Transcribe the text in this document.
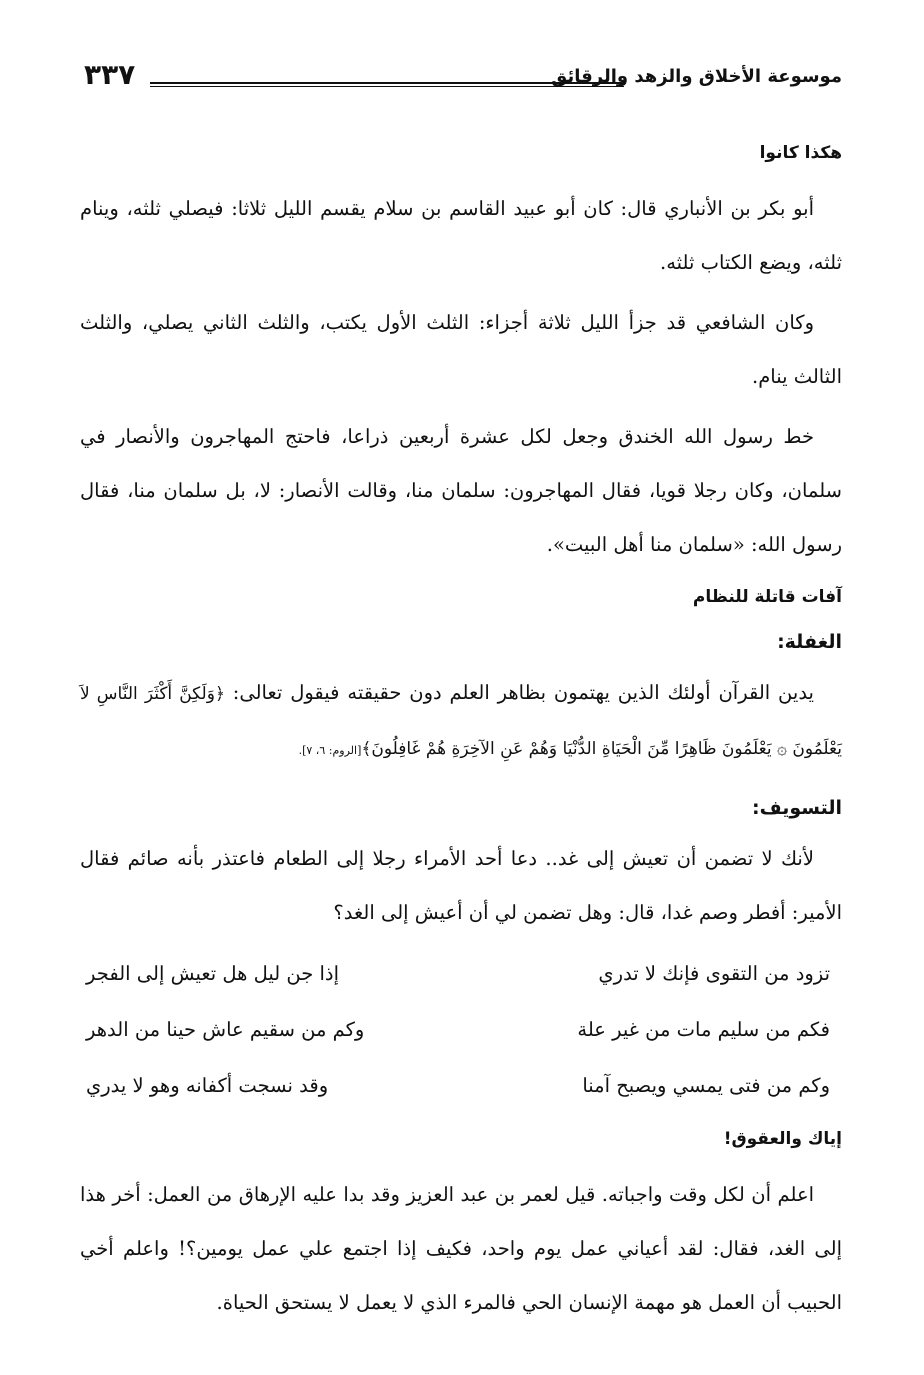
موسوعة الأخلاق والزهد والرقائق
٣٣٧
هكذا كانوا

أبو بكر بن الأنباري قال: كان أبو عبيد القاسم بن سلام يقسم الليل ثلاثا: فيصلي ثلثه، وينام ثلثه، ويضع الكتاب ثلثه.

وكان الشافعي قد جزأ الليل ثلاثة أجزاء: الثلث الأول يكتب، والثلث الثاني يصلي، والثلث الثالث ينام.

خط رسول الله الخندق وجعل لكل عشرة أربعين ذراعا، فاحتج المهاجرون والأنصار في سلمان، وكان رجلا قويا، فقال المهاجرون: سلمان منا، وقالت الأنصار: لا، بل سلمان منا، فقال رسول الله: «سلمان منا أهل البيت».

آفات قاتلة للنظام
الغفلة:

يدين القرآن أولئك الذين يهتمون بظاهر العلم دون حقيقته فيقول تعالى: ﴿وَلَكِنَّ أَكْثَرَ النَّاسِ لاَ يَعْلَمُونَ ۞ يَعْلَمُونَ ظَاهِرًا مِّنَ الْحَيَاةِ الدُّنْيَا وَهُمْ عَنِ الآخِرَةِ هُمْ غَافِلُونَ﴾[الروم: ٦، ٧].

التسويف:

لأنك لا تضمن أن تعيش إلى غد.. دعا أحد الأمراء رجلا إلى الطعام فاعتذر بأنه صائم فقال الأمير: أفطر وصم غدا، قال: وهل تضمن لي أن أعيش إلى الغد؟

تزود من التقوى فإنك لا تدري
إذا جن ليل هل تعيش إلى الفجر
فكم من سليم مات من غير علة
وكم من سقيم عاش حينا من الدهر
وكم من فتى يمسي ويصبح آمنا
وقد نسجت أكفانه وهو لا يدري
إياك والعقوق!

اعلم أن لكل وقت واجباته. قيل لعمر بن عبد العزيز وقد بدا عليه الإرهاق من العمل: أخر هذا إلى الغد، فقال: لقد أعياني عمل يوم واحد، فكيف إذا اجتمع علي عمل يومين؟! واعلم أخي الحبيب أن العمل هو مهمة الإنسان الحي فالمرء الذي لا يعمل لا يستحق الحياة.
